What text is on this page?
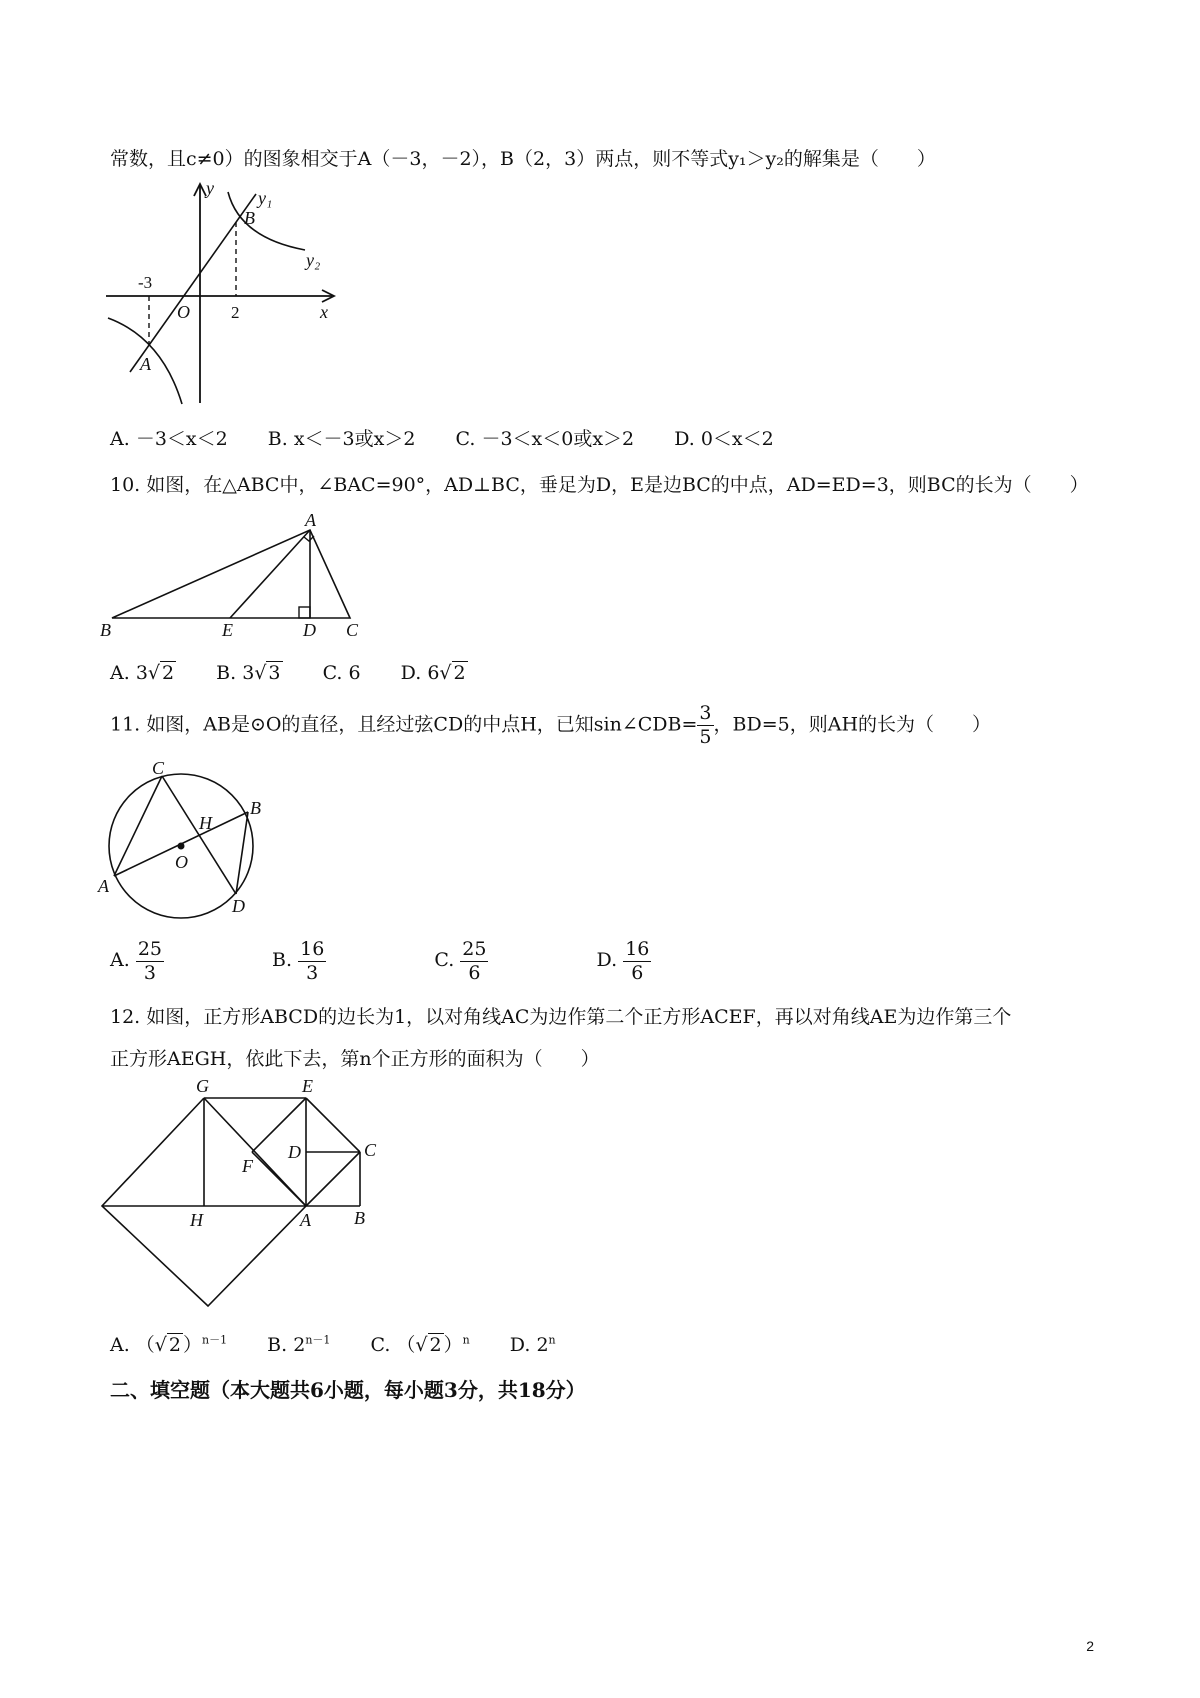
常数，且c≠0）的图象相交于A（－3，－2），B（2，3）两点，则不等式y₁＞y₂的解集是（　　）
y
x
O
-3
2
A
B
y₁
y₂
A. －3＜x＜2 B. x＜－3或x＞2 C. －3＜x＜0或x＞2 D. 0＜x＜2
10. 如图，在△ABC中，∠BAC=90°，AD⊥BC，垂足为D，E是边BC的中点，AD=ED=3，则BC的长为（　　）
A
B	E	D C
A. 3√ 2 B. 3√ 3 C. 6 D. 6√ 2
11. 如图，AB是⊙O的直径，且经过弦CD的中点H，已知sin∠CDB= $\frac{3}{5}$ ，BD=5，则AH的长为（　　）
C
B
H
O
A
D
A. $\frac{25}{3}$	B. $\frac{16}{3}$	C. $\frac{25}{6}$	D. $\frac{16}{6}$
12. 如图，正方形ABCD的边长为1，以对角线AC为边作第二个正方形ACEF，再以对角线AE为边作第三个
正方形AEGH，依此下去，第n个正方形的面积为（　　）
G	E
D	C
F
H	A B
A. （√ 2 ）$^{n-1}$ B. $2^{n-1}$ C. （√ 2 ）$^n$ D. 2$^n$
二、填空题（本大题共6小题，每小题3分，共18分）
2
